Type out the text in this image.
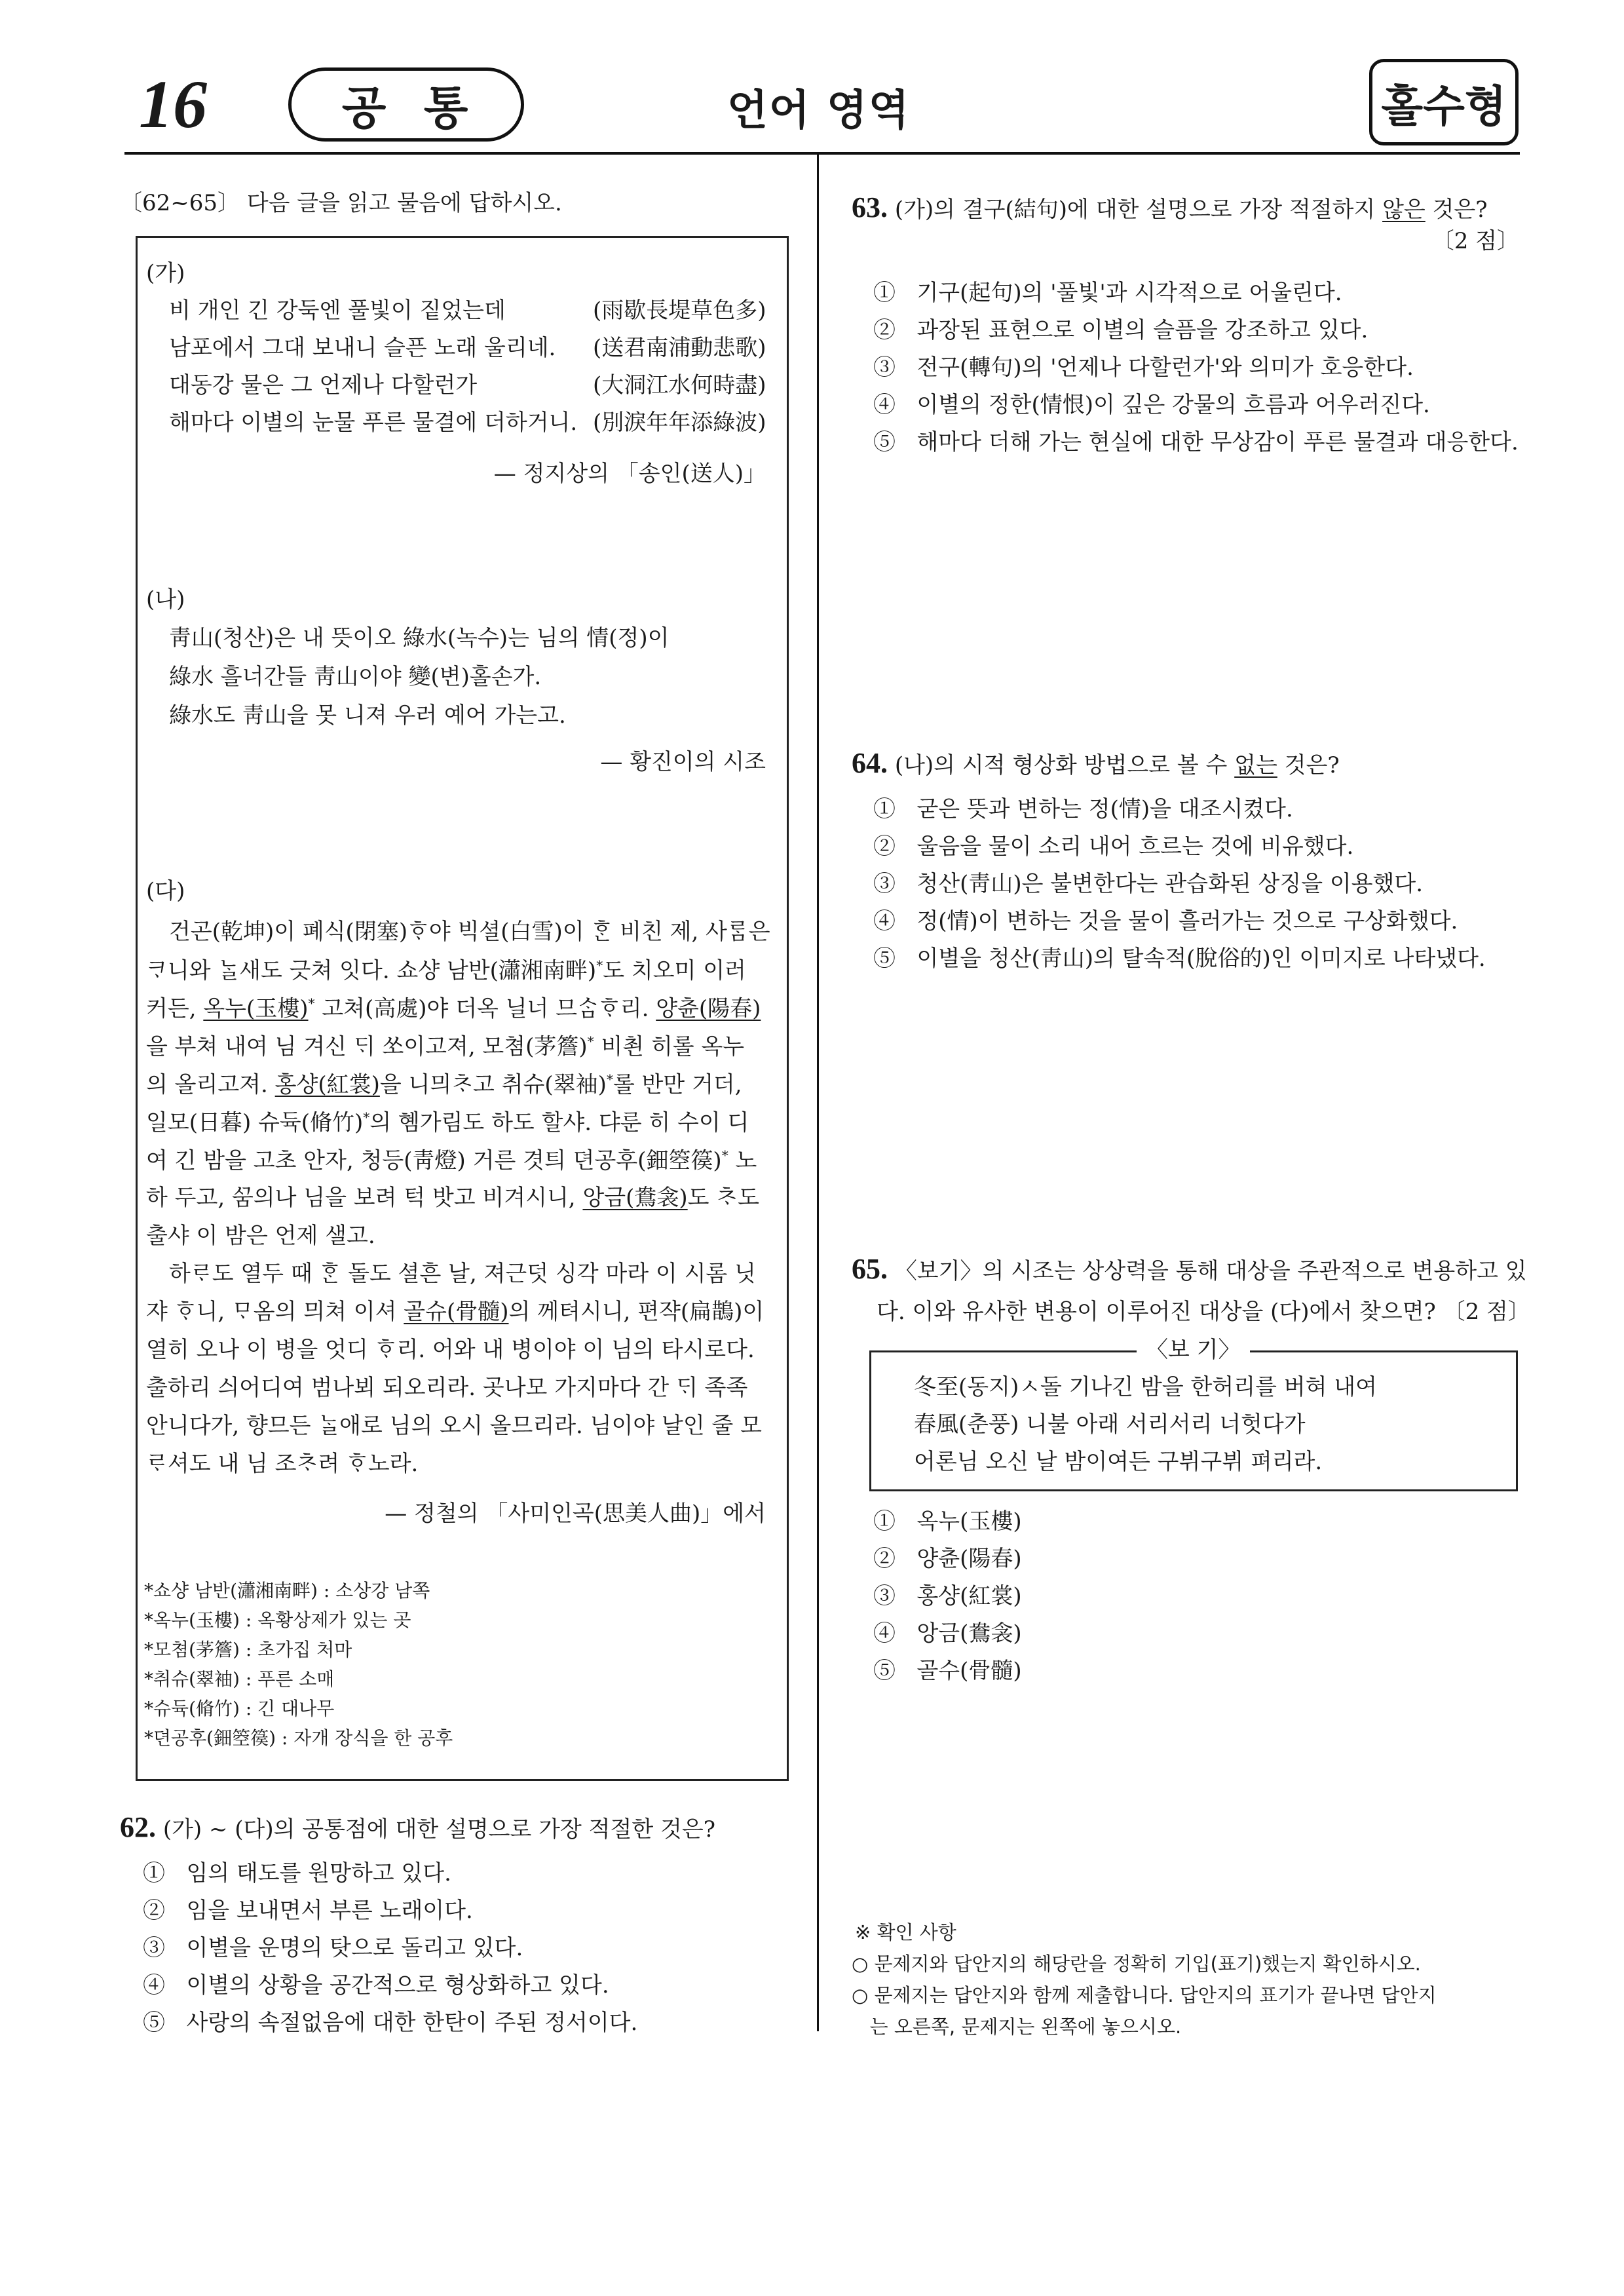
16	공 통	언어 영역	홀수형
〔62~65〕 다음 글을 읽고 물음에 답하시오.
(가)
비 개인 긴 강둑엔 풀빛이 짙었는데	(雨歇長堤草色多)
남포에서 그대 보내니 슬픈 노래 울리네. (送君南浦動悲歌)
대동강 물은 그 언제나 다할런가	(大洞江水何時盡)
해마다 이별의 눈물 푸른 물결에 더하거니. (別淚年年添綠波)
— 정지상의 「송인(送人)」
(나)
靑山(청산)은 내 뜻이오 綠水(녹수)는 님의 情(정)이
綠水 흘너간들 靑山이야 變(변)홀손가.
綠水도 靑山을 못 니져 우러 예어 가는고.
— 황진이의 시조
(다)
건곤(乾坤)이 폐식(閉塞)ᄒᆞ야 빅셜(白雪)이 ᄒᆞᆫ 비친 제, 사ᄅᆞᆷ은
ᄏᆞ니와 ᄂᆞᆯ새도 긋쳐 잇다. 쇼샹 남반(瀟湘南畔)*도 치오미 이러
커든, 옥누(玉樓)* 고쳐(高處)야 더옥 닐너 므ᄉᆞᆷᄒᆞ리. 양츈(陽春)
을 부쳐 내여 님 겨신 ᄃᆡ 쏘이고져, 모쳠(茅簷)* 비쵠 히롤 옥누
의 올리고져. 홍샹(紅裳)을 니믜ᄎᆞ고 취슈(翠袖)*롤 반만 거더,
일모(日暮) 슈듁(脩竹)*의 혬가림도 하도 할샤. 댜룬 히 수이 디
여 긴 밤을 고초 안자, 청등(靑燈) 거른 겻틔 뎐공후(鈿箜篌)* 노
하 두고, ᄭᅮᆷ의나 님을 보려 턱 밧고 비겨시니, 앙금(鴦衾)도 ᄎᆞ도
출샤 이 밤은 언제 샐고.
하ᄅᆞ도 열두 때 ᄒᆞᆫ 돌도 셜흔 날, 져근덧 싱각 마라 이 시롬 닛
쟈 ᄒᆞ니, ᄆᆞ옴의 믜쳐 이셔 골슈(骨髓)의 께텨시니, 편쟉(扁鵲)이
열히 오나 이 병을 엇디 ᄒᆞ리. 어와 내 병이야 이 님의 타시로다.
출하리 싀어디여 범나뵈 되오리라. 곳나모 가지마다 간 ᄃᆡ 족족
안니다가, 향므든 ᄂᆞᆯ애로 님의 오시 올므리라. 님이야 날인 줄 모
ᄅᆞ셔도 내 님 조ᄎᆞ려 ᄒᆞ노라.
— 정철의 「사미인곡(思美人曲)」에서
*쇼샹 남반(瀟湘南畔) : 소상강 남쪽
*옥누(玉樓) : 옥황상제가 있는 곳
*모쳠(茅簷) : 초가집 처마
*취슈(翠袖) : 푸른 소매
*슈듁(脩竹) : 긴 대나무
*뎐공후(鈿箜篌) : 자개 장식을 한 공후
62. (가) ~ (다)의 공통점에 대한 설명으로 가장 적절한 것은?
① 임의 태도를 원망하고 있다.
② 임을 보내면서 부른 노래이다.
③ 이별을 운명의 탓으로 돌리고 있다.
④ 이별의 상황을 공간적으로 형상화하고 있다.
⑤ 사랑의 속절없음에 대한 한탄이 주된 정서이다.
63. (가)의 결구(結句)에 대한 설명으로 가장 적절하지 않은 것은?
〔2 점〕
① 기구(起句)의 '풀빛'과 시각적으로 어울린다.
② 과장된 표현으로 이별의 슬픔을 강조하고 있다.
③ 전구(轉句)의 '언제나 다할런가'와 의미가 호응한다.
④ 이별의 정한(情恨)이 깊은 강물의 흐름과 어우러진다.
⑤ 해마다 더해 가는 현실에 대한 무상감이 푸른 물결과 대응한다.
64. (나)의 시적 형상화 방법으로 볼 수 없는 것은?
① 굳은 뜻과 변하는 정(情)을 대조시켰다.
② 울음을 물이 소리 내어 흐르는 것에 비유했다.
③ 청산(靑山)은 불변한다는 관습화된 상징을 이용했다.
④ 정(情)이 변하는 것을 물이 흘러가는 것으로 구상화했다.
⑤ 이별을 청산(靑山)의 탈속적(脫俗的)인 이미지로 나타냈다.
65. 〈보기〉의 시조는 상상력을 통해 대상을 주관적으로 변용하고 있
다. 이와 유사한 변용이 이루어진 대상을 (다)에서 찾으면? 〔2 점〕
〈보 기〉
冬至(동지)ㅅ돌 기나긴 밤을 한허리를 버혀 내여
春風(춘풍) 니불 아래 서리서리 너헛다가
어론님 오신 날 밤이여든 구뷔구뷔 펴리라.
① 옥누(玉樓)
② 양츈(陽春)
③ 홍샹(紅裳)
④ 앙금(鴦衾)
⑤ 골수(骨髓)
※ 확인 사항
○ 문제지와 답안지의 해당란을 정확히 기입(표기)했는지 확인하시오.
○ 문제지는 답안지와 함께 제출합니다. 답안지의 표기가 끝나면 답안지
는 오른쪽, 문제지는 왼쪽에 놓으시오.
